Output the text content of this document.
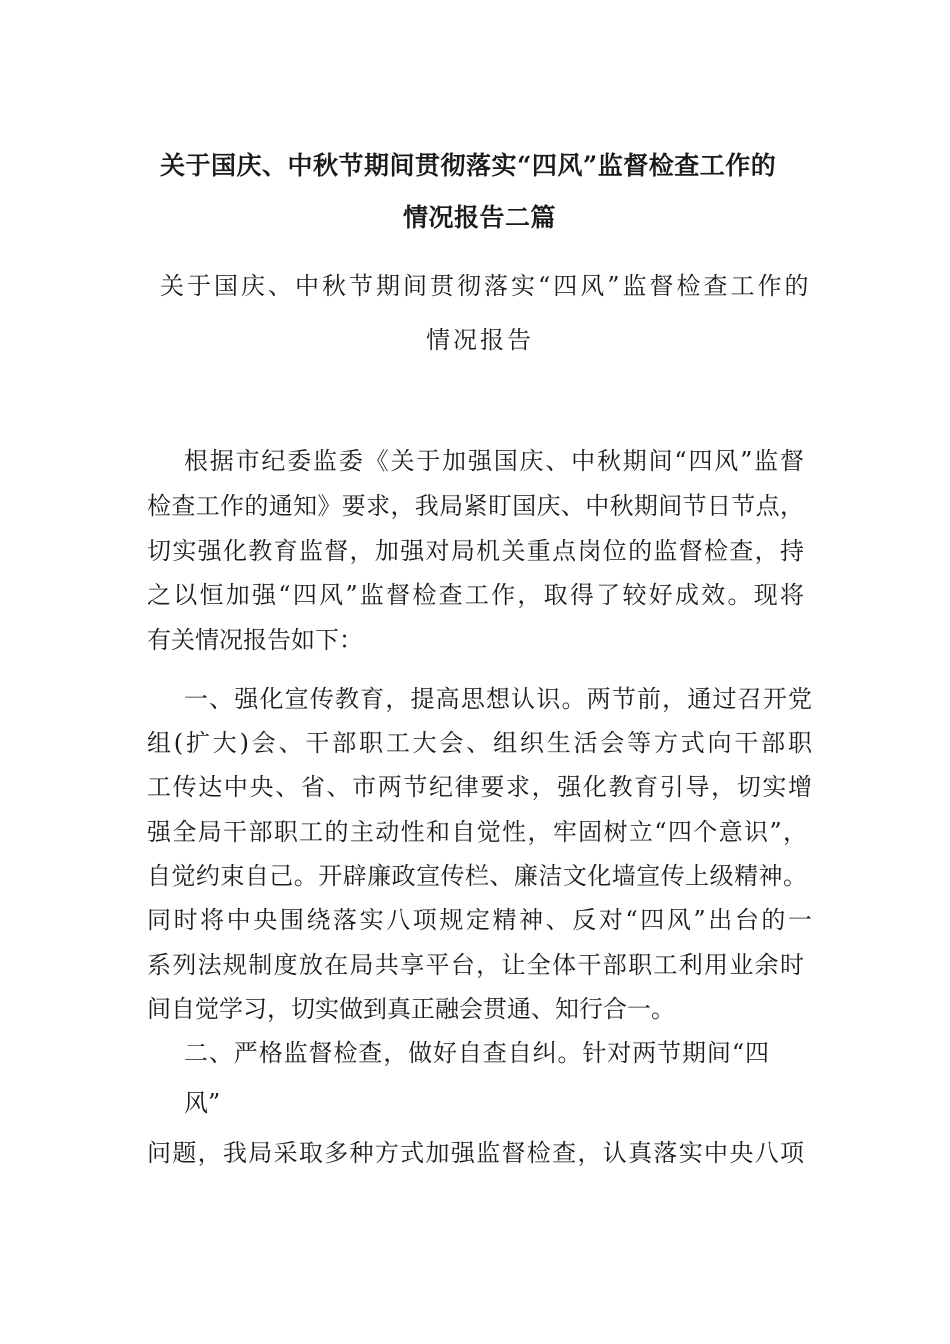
关于国庆、中秋节期间贯彻落实“四风”监督检查工作的
情况报告二篇
关于国庆、中秋节期间贯彻落实“四风”监督检查工作的
情况报告
根据市纪委监委《关于加强国庆、中秋期间“四风”监督
检查工作的通知》要求，我局紧盯国庆、中秋期间节日节点，
切实强化教育监督，加强对局机关重点岗位的监督检查，持
之以恒加强“四风”监督检查工作，取得了较好成效。现将
有关情况报告如下：
一、强化宣传教育，提高思想认识。两节前，通过召开党
组(扩大)会、干部职工大会、组织生活会等方式向干部职
工传达中央、省、市两节纪律要求，强化教育引导，切实增
强全局干部职工的主动性和自觉性，牢固树立“四个意识”，
自觉约束自己。开辟廉政宣传栏、廉洁文化墙宣传上级精神。
同时将中央围绕落实八项规定精神、反对“四风”出台的一
系列法规制度放在局共享平台，让全体干部职工利用业余时
间自觉学习，切实做到真正融会贯通、知行合一。
二、严格监督检查，做好自查自纠。针对两节期间“四
风”
问题，我局采取多种方式加强监督检查，认真落实中央八项
